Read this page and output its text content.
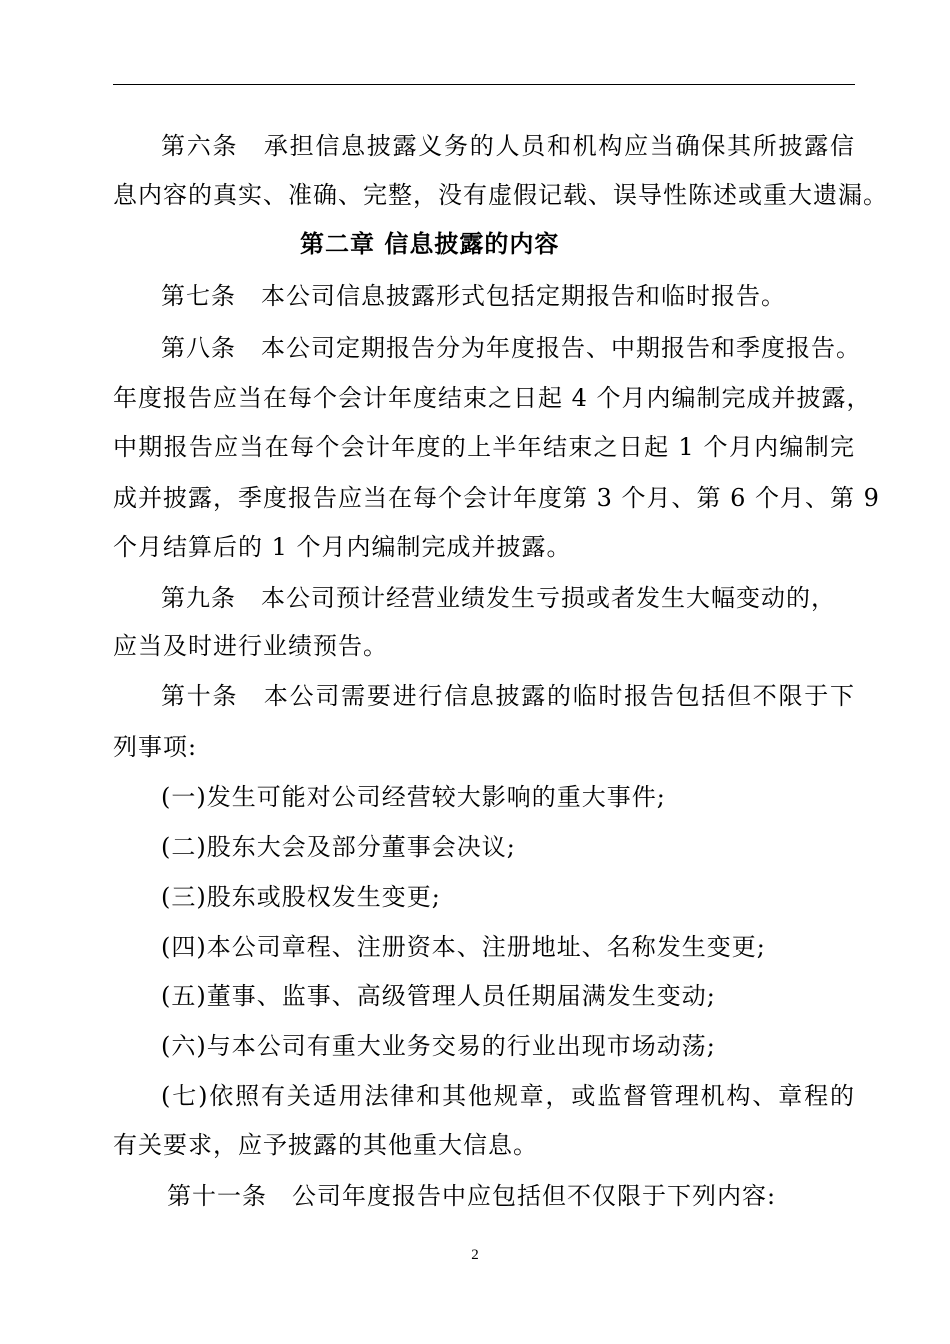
第六条　承担信息披露义务的人员和机构应当确保其所披露信
息内容的真实、准确、完整，没有虚假记载、误导性陈述或重大遗漏。
第二章 信息披露的内容
第七条　本公司信息披露形式包括定期报告和临时报告。
第八条　本公司定期报告分为年度报告、中期报告和季度报告。
年度报告应当在每个会计年度结束之日起 4 个月内编制完成并披露，
中期报告应当在每个会计年度的上半年结束之日起 1 个月内编制完
成并披露，季度报告应当在每个会计年度第 3 个月、第 6 个月、第 9
个月结算后的 1 个月内编制完成并披露。
第九条　本公司预计经营业绩发生亏损或者发生大幅变动的，
应当及时进行业绩预告。
第十条　本公司需要进行信息披露的临时报告包括但不限于下
列事项:
(一)发生可能对公司经营较大影响的重大事件;
(二)股东大会及部分董事会决议;
(三)股东或股权发生变更;
(四)本公司章程、注册资本、注册地址、名称发生变更;
(五)董事、监事、高级管理人员任期届满发生变动;
(六)与本公司有重大业务交易的行业出现市场动荡;
(七)依照有关适用法律和其他规章，或监督管理机构、章程的
有关要求，应予披露的其他重大信息。
第十一条　公司年度报告中应包括但不仅限于下列内容:
2
